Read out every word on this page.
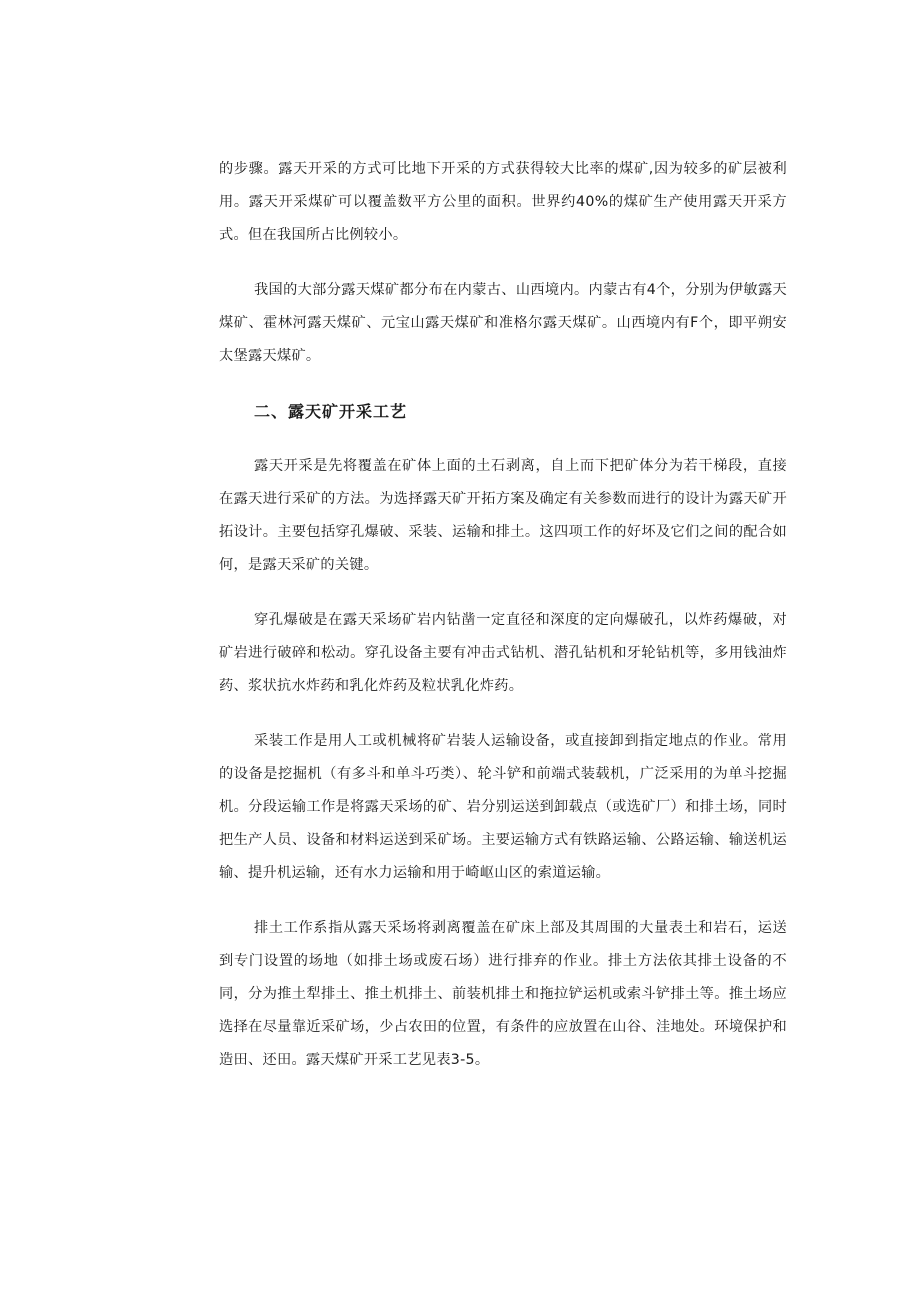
的步骤。露天开采的方式可比地下开采的方式获得较大比率的煤矿,因为较多的矿层被利用。露天开采煤矿可以覆盖数平方公里的面积。世界约40%的煤矿生产使用露天开采方式。但在我国所占比例较小。

我国的大部分露天煤矿都分布在内蒙古、山西境内。内蒙古有4个，分别为伊敏露天煤矿、霍林河露天煤矿、元宝山露天煤矿和准格尔露天煤矿。山西境内有F个，即平朔安太堡露天煤矿。

二、露天矿开采工艺

露天开采是先将覆盖在矿体上面的土石剥离，自上而下把矿体分为若干梯段，直接在露天进行采矿的方法。为选择露天矿开拓方案及确定有关参数而进行的设计为露天矿开拓设计。主要包括穿孔爆破、采装、运输和排土。这四项工作的好坏及它们之间的配合如何，是露天采矿的关键。

穿孔爆破是在露天采场矿岩内钻凿一定直径和深度的定向爆破孔，以炸药爆破，对矿岩进行破碎和松动。穿孔设备主要有冲击式钻机、潜孔钻机和牙轮钻机等，多用钱油炸药、浆状抗水炸药和乳化炸药及粒状乳化炸药。

采装工作是用人工或机械将矿岩装人运输设备，或直接卸到指定地点的作业。常用的设备是挖掘机（有多斗和单斗巧类）、轮斗铲和前端式装载机，广泛采用的为单斗挖掘机。分段运输工作是将露天采场的矿、岩分别运送到卸载点（或选矿厂）和排土场，同时把生产人员、设备和材料运送到采矿场。主要运输方式有铁路运输、公路运输、输送机运输、提升机运输，还有水力运输和用于崎岖山区的索道运输。

排土工作系指从露天采场将剥离覆盖在矿床上部及其周围的大量表土和岩石，运送到专门设置的场地（如排土场或废石场）进行排弃的作业。排土方法依其排土设备的不同，分为推土犁排土、推土机排土、前装机排土和拖拉铲运机或索斗铲排土等。推土场应选择在尽量靠近采矿场，少占农田的位置，有条件的应放置在山谷、洼地处。环境保护和造田、还田。露天煤矿开采工艺见表3-5。
